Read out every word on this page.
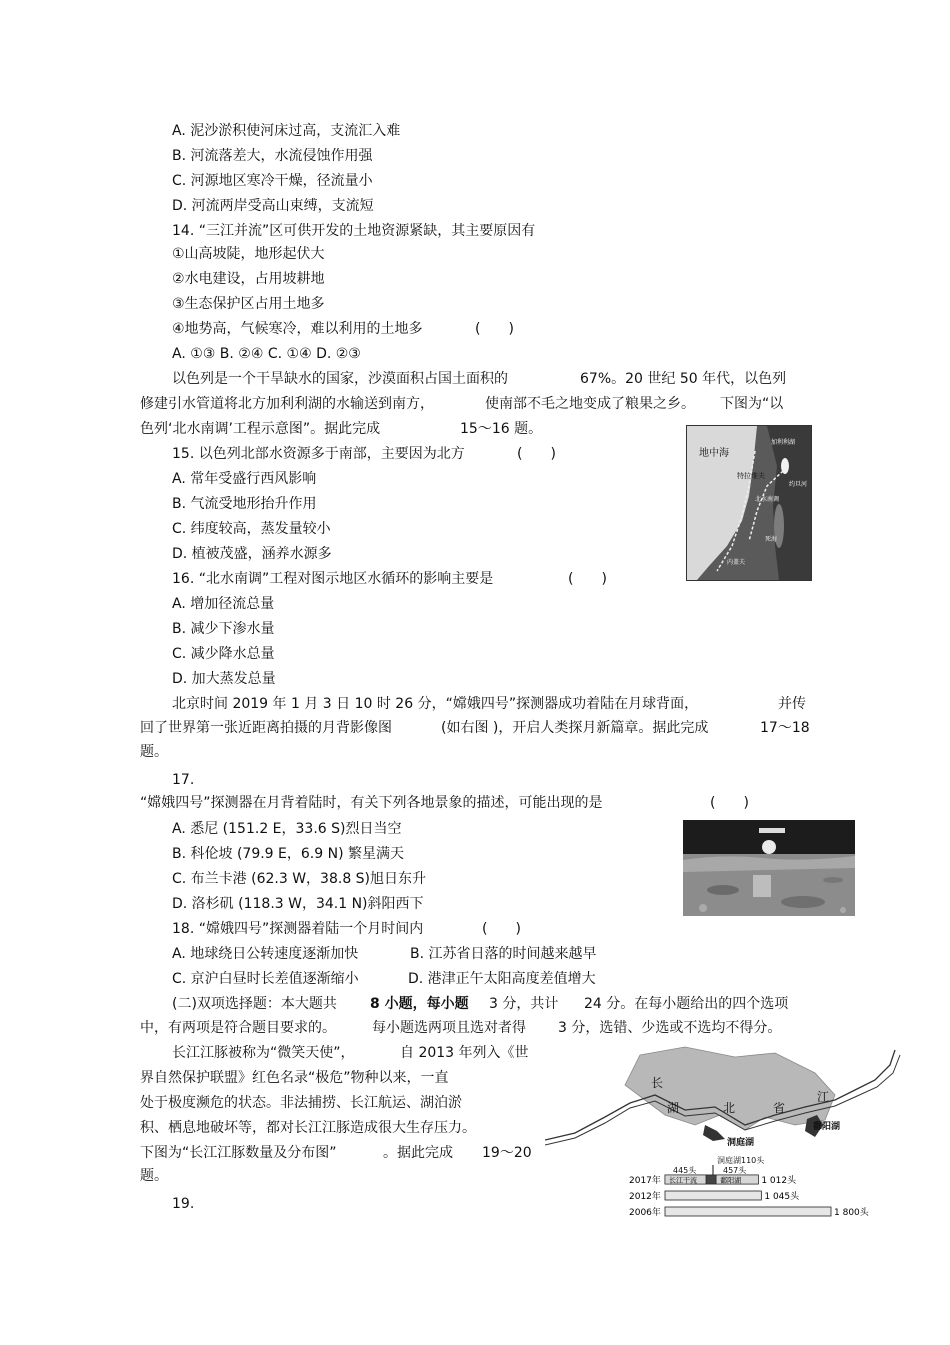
A. 泥沙淤积使河床过高，支流汇入难
B. 河流落差大，水流侵蚀作用强
C. 河源地区寒冷干燥，径流量小
D. 河流两岸受高山束缚，支流短
14. “三江并流”区可供开发的土地资源紧缺，其主要原因有
①山高坡陡，地形起伏大
②水电建设，占用坡耕地
③生态保护区占用土地多
④地势高，气候寒冷，难以利用的土地多	(　　)
A. ①③ B. ②④ C. ①④ D. ②③
以色列是一个干旱缺水的国家，沙漠面积占国土面积的	67%。20 世纪 50 年代，以色列
修建引水管道将北方加利利湖的水输送到南方，	使南部不毛之地变成了粮果之乡。 下图为“以
色列‘北水南调’工程示意图”。据此完成	15～16 题。
地中海
特拉维夫
加利利湖
约旦河
死海
北水南调
内盖夫
15. 以色列北部水资源多于南部，主要因为北方	(　　)
A. 常年受盛行西风影响
B. 气流受地形抬升作用
C. 纬度较高，蒸发量较小
D. 植被茂盛，涵养水源多
16. “北水南调”工程对图示地区水循环的影响主要是	(　　)
A. 增加径流总量
B. 减少下渗水量
C. 减少降水总量
D. 加大蒸发总量
北京时间 2019 年 1 月 3 日 10 时 26 分，“嫦娥四号”探测器成功着陆在月球背面，	并传
回了世界第一张近距离拍摄的月背影像图	(如右图 )，开启人类探月新篇章。据此完成	17～18
题。
17.
“嫦娥四号”探测器在月背着陆时，有关下列各地景象的描述，可能出现的是	(　　)
A. 悉尼 (151.2 E，33.6 S)烈日当空
B. 科伦坡 (79.9 E，6.9 N) 繁星满天
C. 布兰卡港 (62.3 W，38.8 S)旭日东升
D. 洛杉矶 (118.3 W，34.1 N)斜阳西下
18. “嫦娥四号”探测器着陆一个月时间内	(　　)
A. 地球绕日公转速度逐渐加快	B. 江苏省日落的时间越来越早
C. 京沪白昼时长差值逐渐缩小	D. 港津正午太阳高度差值增大
(二)双项选择题：本大题共 8 小题，每小题 3 分，共计 24 分。在每小题给出的四个选项
中，有两项是符合题目要求的。	每小题选两项且选对者得 3 分，选错、少选或不选均不得分。
长江江豚被称为“微笑天使”，	自 2013 年列入《世
界自然保护联盟》红色名录“极危”物种以来，一直
处于极度濒危的状态。非法捕捞、长江航运、湖泊淤
积、栖息地破坏等，都对长江江豚造成很大生存压力。
下图为“长江江豚数量及分布图”	。据此完成 19～20
题。
19.
长
湖	北	省
江
洞庭湖
鄱阳湖
洞庭湖110头
445头	457头
2017年 长江干流	鄱阳湖 1 012头
2012年	1 045头
2006年	1 800头
